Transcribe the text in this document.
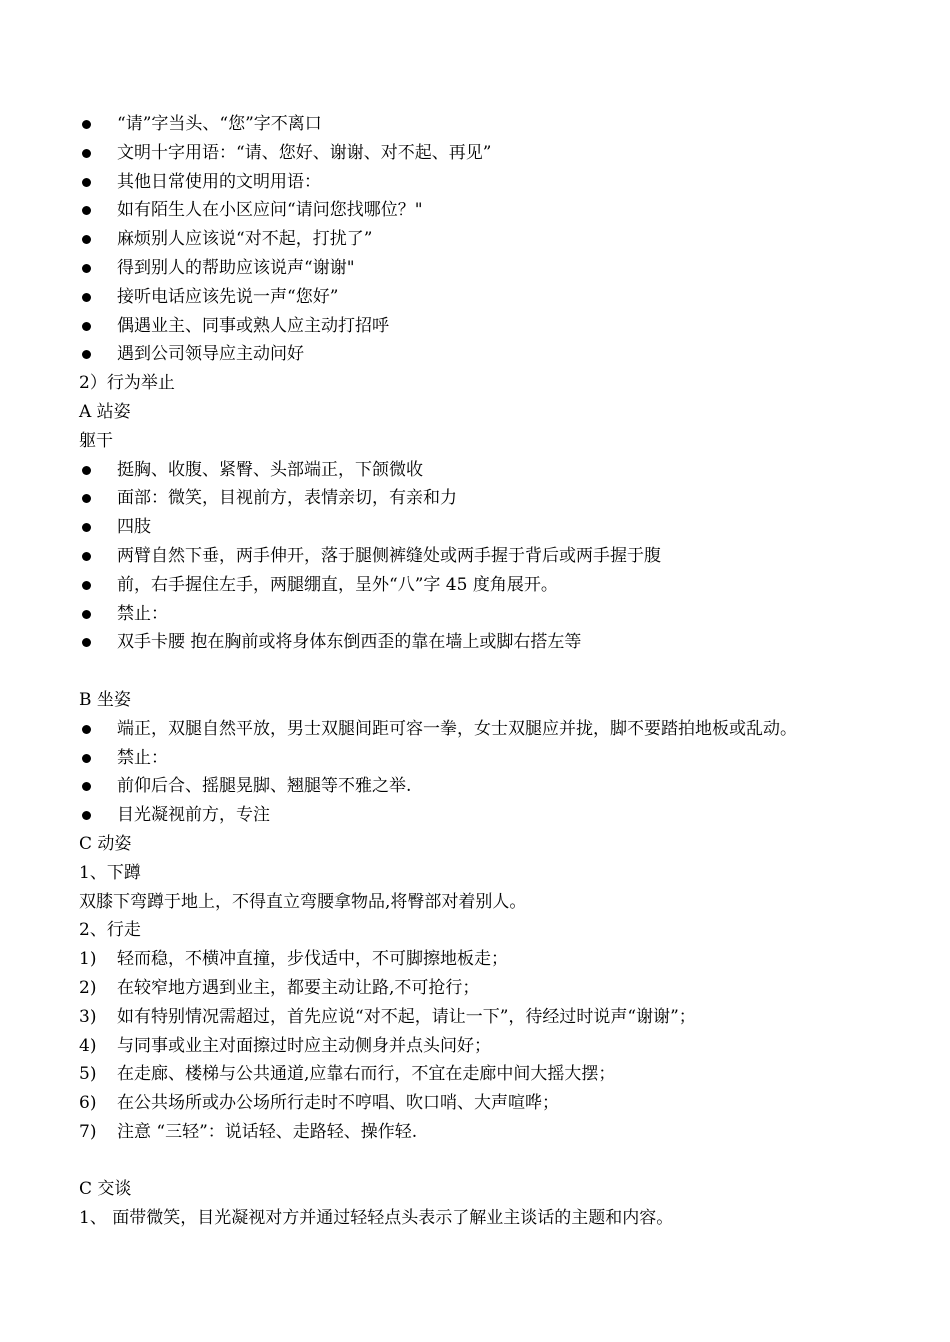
“请”字当头、“您”字不离口
文明十字用语：“请、您好、谢谢、对不起、再见”
其他日常使用的文明用语：
如有陌生人在小区应问“请问您找哪位？"
麻烦别人应该说“对不起，打扰了”
得到别人的帮助应该说声“谢谢"
接听电话应该先说一声“您好”
偶遇业主、同事或熟人应主动打招呼
遇到公司领导应主动问好
2）行为举止
A 站姿
躯干
挺胸、收腹、紧臀、头部端正，下颌微收
面部：微笑，目视前方，表情亲切，有亲和力
四肢
两臂自然下垂，两手伸开，落于腿侧裤缝处或两手握于背后或两手握于腹
前，右手握住左手，两腿绷直，呈外“八”字 45 度角展开。
禁止：
双手卡腰 抱在胸前或将身体东倒西歪的靠在墙上或脚右搭左等
B 坐姿
端正，双腿自然平放，男士双腿间距可容一拳，女士双腿应并拢，脚不要踏拍地板或乱动。
禁止：
前仰后合、摇腿晃脚、翘腿等不雅之举.
目光凝视前方，专注
C 动姿
1、下蹲
双膝下弯蹲于地上，不得直立弯腰拿物品,将臀部对着别人。
2、行走
1) 轻而稳，不横冲直撞，步伐适中，不可脚擦地板走；
2) 在较窄地方遇到业主，都要主动让路,不可抢行；
3) 如有特别情况需超过，首先应说“对不起，请让一下”，待经过时说声“谢谢”；
4) 与同事或业主对面擦过时应主动侧身并点头问好；
5) 在走廊、楼梯与公共通道,应靠右而行，不宜在走廊中间大摇大摆；
6) 在公共场所或办公场所行走时不哼唱、吹口哨、大声喧哗；
7) 注意 “三轻”：说话轻、走路轻、操作轻.
C 交谈
1、 面带微笑，目光凝视对方并通过轻轻点头表示了解业主谈话的主题和内容。
